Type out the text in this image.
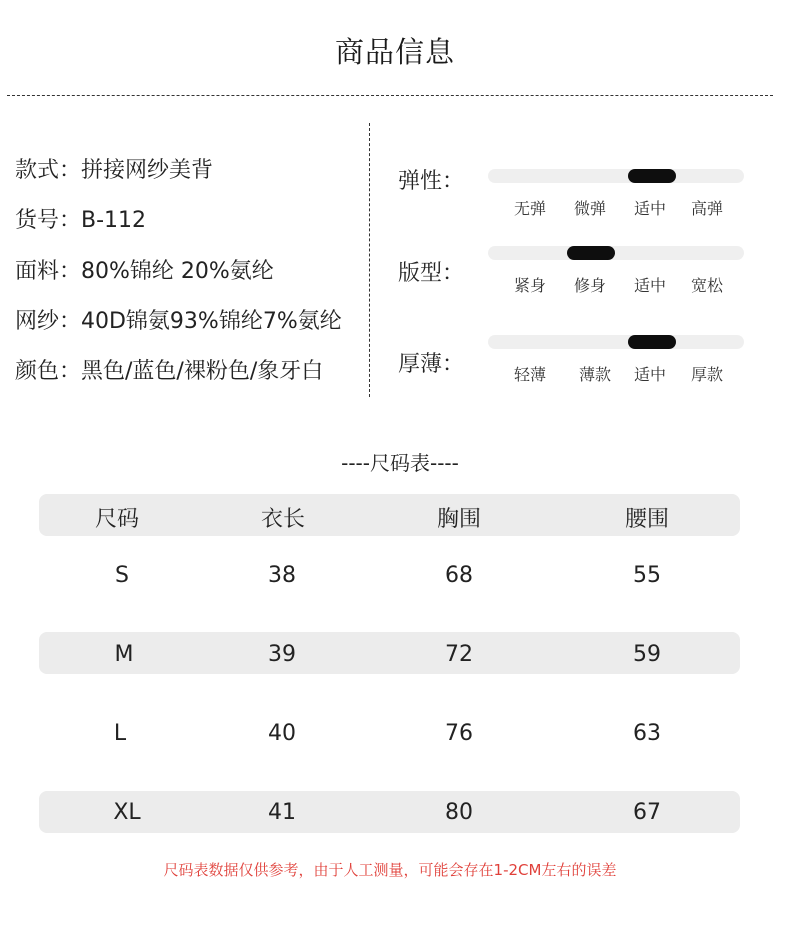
商品信息
款式：拼接网纱美背
货号：B-112
面料：80%锦纶 20%氨纶
网纱：40D锦氨93%锦纶7%氨纶
颜色：黑色/蓝色/裸粉色/象牙白
弹性：
无弹	微弹	适中	高弹
版型：	紧身	修身	适中	宽松
厚薄：	轻薄	薄款	适中	厚款
----尺码表----
尺码	衣长	胸围	腰围
S	38	68	55
M	39	72	59
L	40	76	63
XL	41	80	67
尺码表数据仅供参考，由于人工测量，可能会存在1-2CM左右的误差
